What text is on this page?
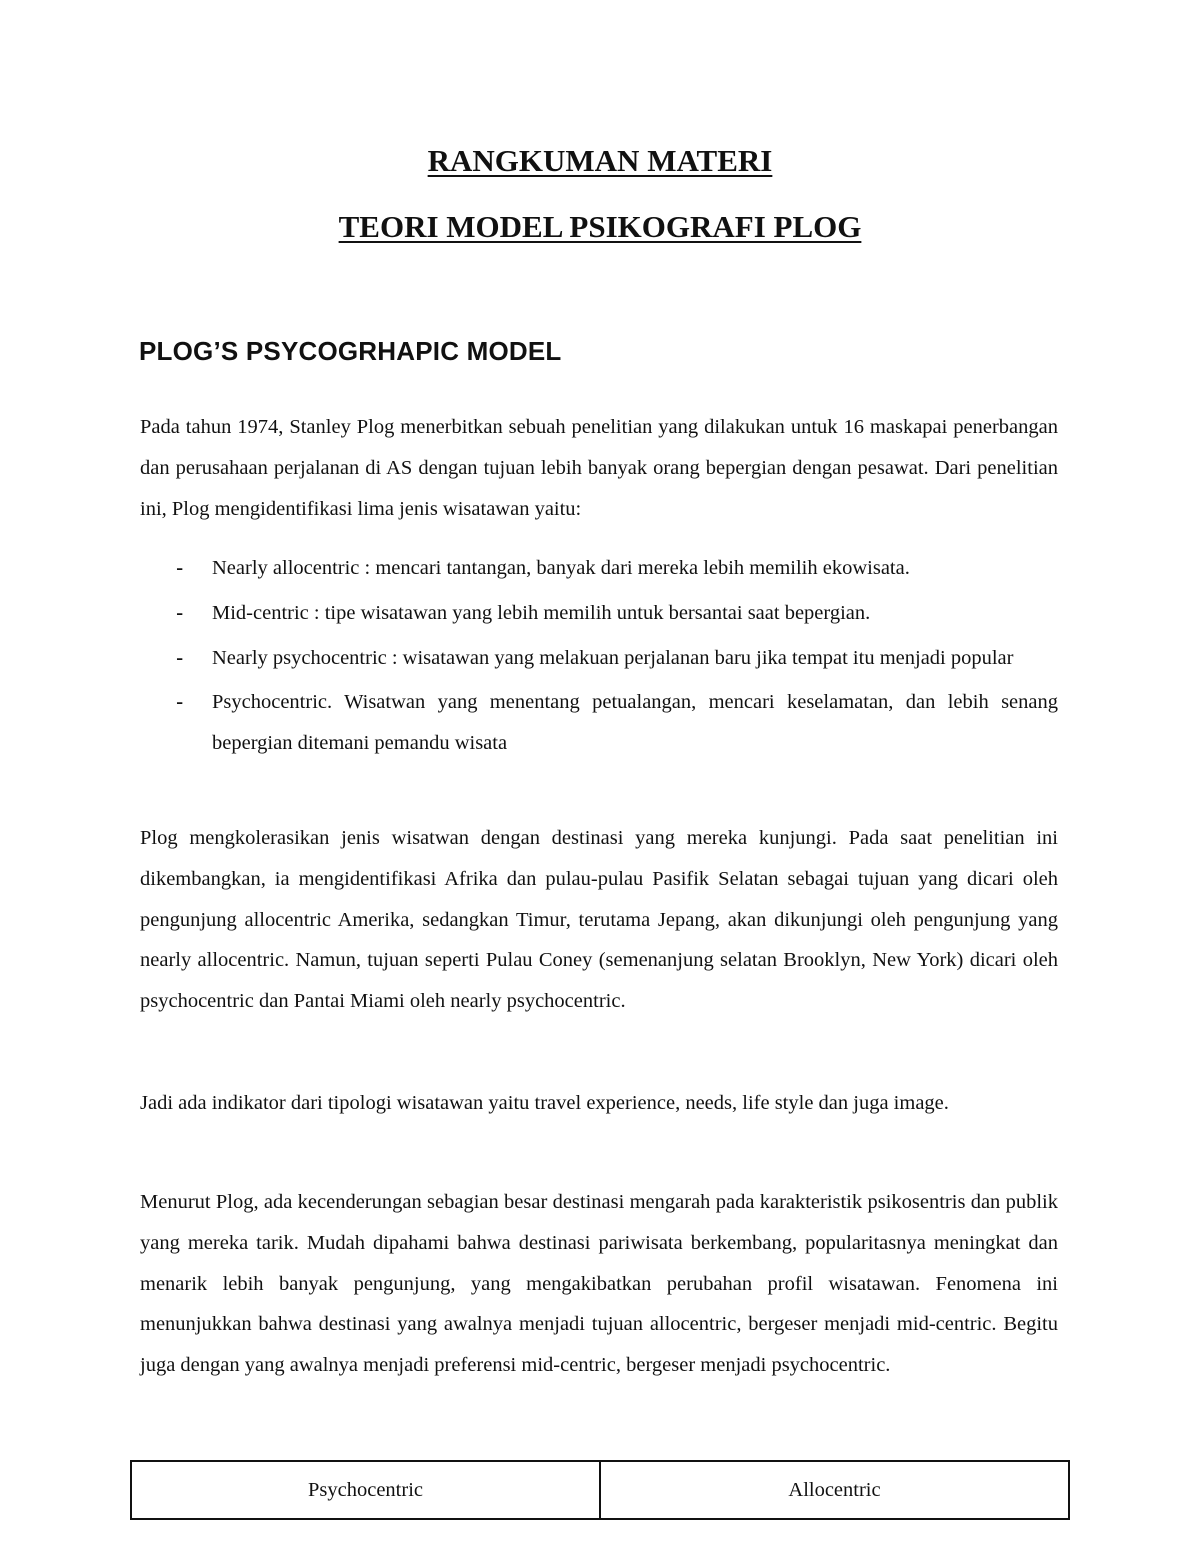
RANGKUMAN MATERI
TEORI MODEL PSIKOGRAFI PLOG
PLOG’S PSYCOGRHAPIC MODEL

Pada tahun 1974, Stanley Plog menerbitkan sebuah penelitian yang dilakukan untuk 16 maskapai penerbangan dan perusahaan perjalanan di AS dengan tujuan lebih banyak orang bepergian dengan pesawat. Dari penelitian ini, Plog mengidentifikasi lima jenis wisatawan yaitu:

- Nearly allocentric : mencari tantangan, banyak dari mereka lebih memilih ekowisata.
- Mid-centric : tipe wisatawan yang lebih memilih untuk bersantai saat bepergian.
- Nearly psychocentric : wisatawan yang melakuan perjalanan baru jika tempat itu menjadi popular
- Psychocentric. Wisatwan yang menentang petualangan, mencari keselamatan, dan lebih senang bepergian ditemani pemandu wisata

Plog mengkolerasikan jenis wisatwan dengan destinasi yang mereka kunjungi. Pada saat penelitian ini dikembangkan, ia mengidentifikasi Afrika dan pulau-pulau Pasifik Selatan sebagai tujuan yang dicari oleh pengunjung allocentric Amerika, sedangkan Timur, terutama Jepang, akan dikunjungi oleh pengunjung yang nearly allocentric. Namun, tujuan seperti Pulau Coney (semenanjung selatan Brooklyn, New York) dicari oleh psychocentric dan Pantai Miami oleh nearly psychocentric.

Jadi ada indikator dari tipologi wisatawan yaitu travel experience, needs, life style dan juga image.

Menurut Plog, ada kecenderungan sebagian besar destinasi mengarah pada karakteristik psikosentris dan publik yang mereka tarik. Mudah dipahami bahwa destinasi pariwisata berkembang, popularitasnya meningkat dan menarik lebih banyak pengunjung, yang mengakibatkan perubahan profil wisatawan. Fenomena ini menunjukkan bahwa destinasi yang awalnya menjadi tujuan allocentric, bergeser menjadi mid-centric. Begitu juga dengan yang awalnya menjadi preferensi mid-centric, bergeser menjadi psychocentric.

Psychocentric	Allocentric
